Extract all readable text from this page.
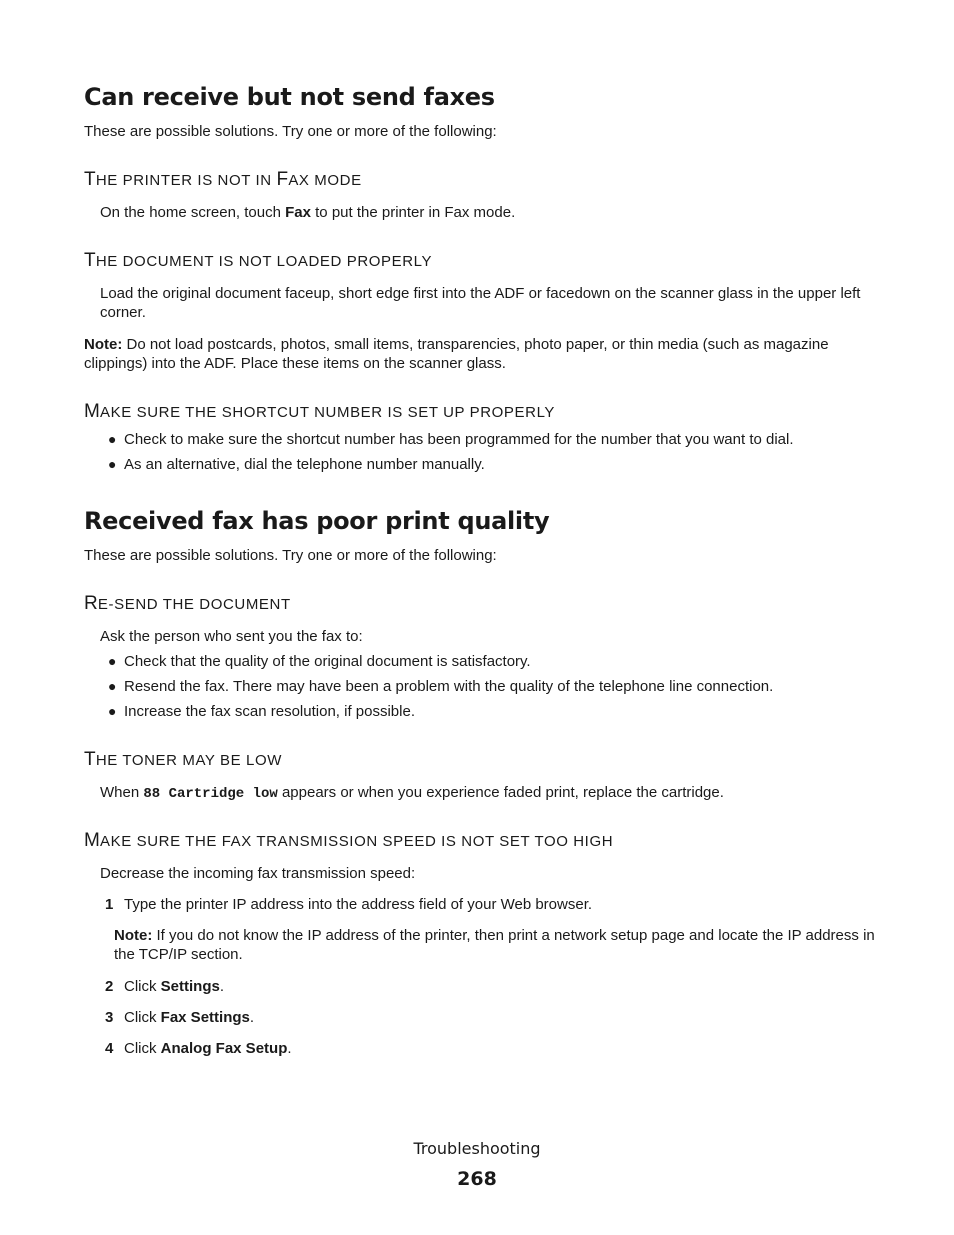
Can receive but not send faxes

These are possible solutions. Try one or more of the following:

THE PRINTER IS NOT IN FAX MODE

On the home screen, touch Fax to put the printer in Fax mode.

THE DOCUMENT IS NOT LOADED PROPERLY

Load the original document faceup, short edge first into the ADF or facedown on the scanner glass in the upper left corner.

Note: Do not load postcards, photos, small items, transparencies, photo paper, or thin media (such as magazine clippings) into the ADF. Place these items on the scanner glass.

MAKE SURE THE SHORTCUT NUMBER IS SET UP PROPERLY
● Check to make sure the shortcut number has been programmed for the number that you want to dial.
● As an alternative, dial the telephone number manually.
Received fax has poor print quality

These are possible solutions. Try one or more of the following:

RE-SEND THE DOCUMENT

Ask the person who sent you the fax to:

● Check that the quality of the original document is satisfactory.
● Resend the fax. There may have been a problem with the quality of the telephone line connection.
● Increase the fax scan resolution, if possible.
THE TONER MAY BE LOW

When 88 Cartridge low appears or when you experience faded print, replace the cartridge.

MAKE SURE THE FAX TRANSMISSION SPEED IS NOT SET TOO HIGH

Decrease the incoming fax transmission speed:

1 Type the printer IP address into the address field of your Web browser.

Note: If you do not know the IP address of the printer, then print a network setup page and locate the IP address in the TCP/IP section.

2 Click Settings.

3 Click Fax Settings.

4 Click Analog Fax Setup.

Troubleshooting
268
